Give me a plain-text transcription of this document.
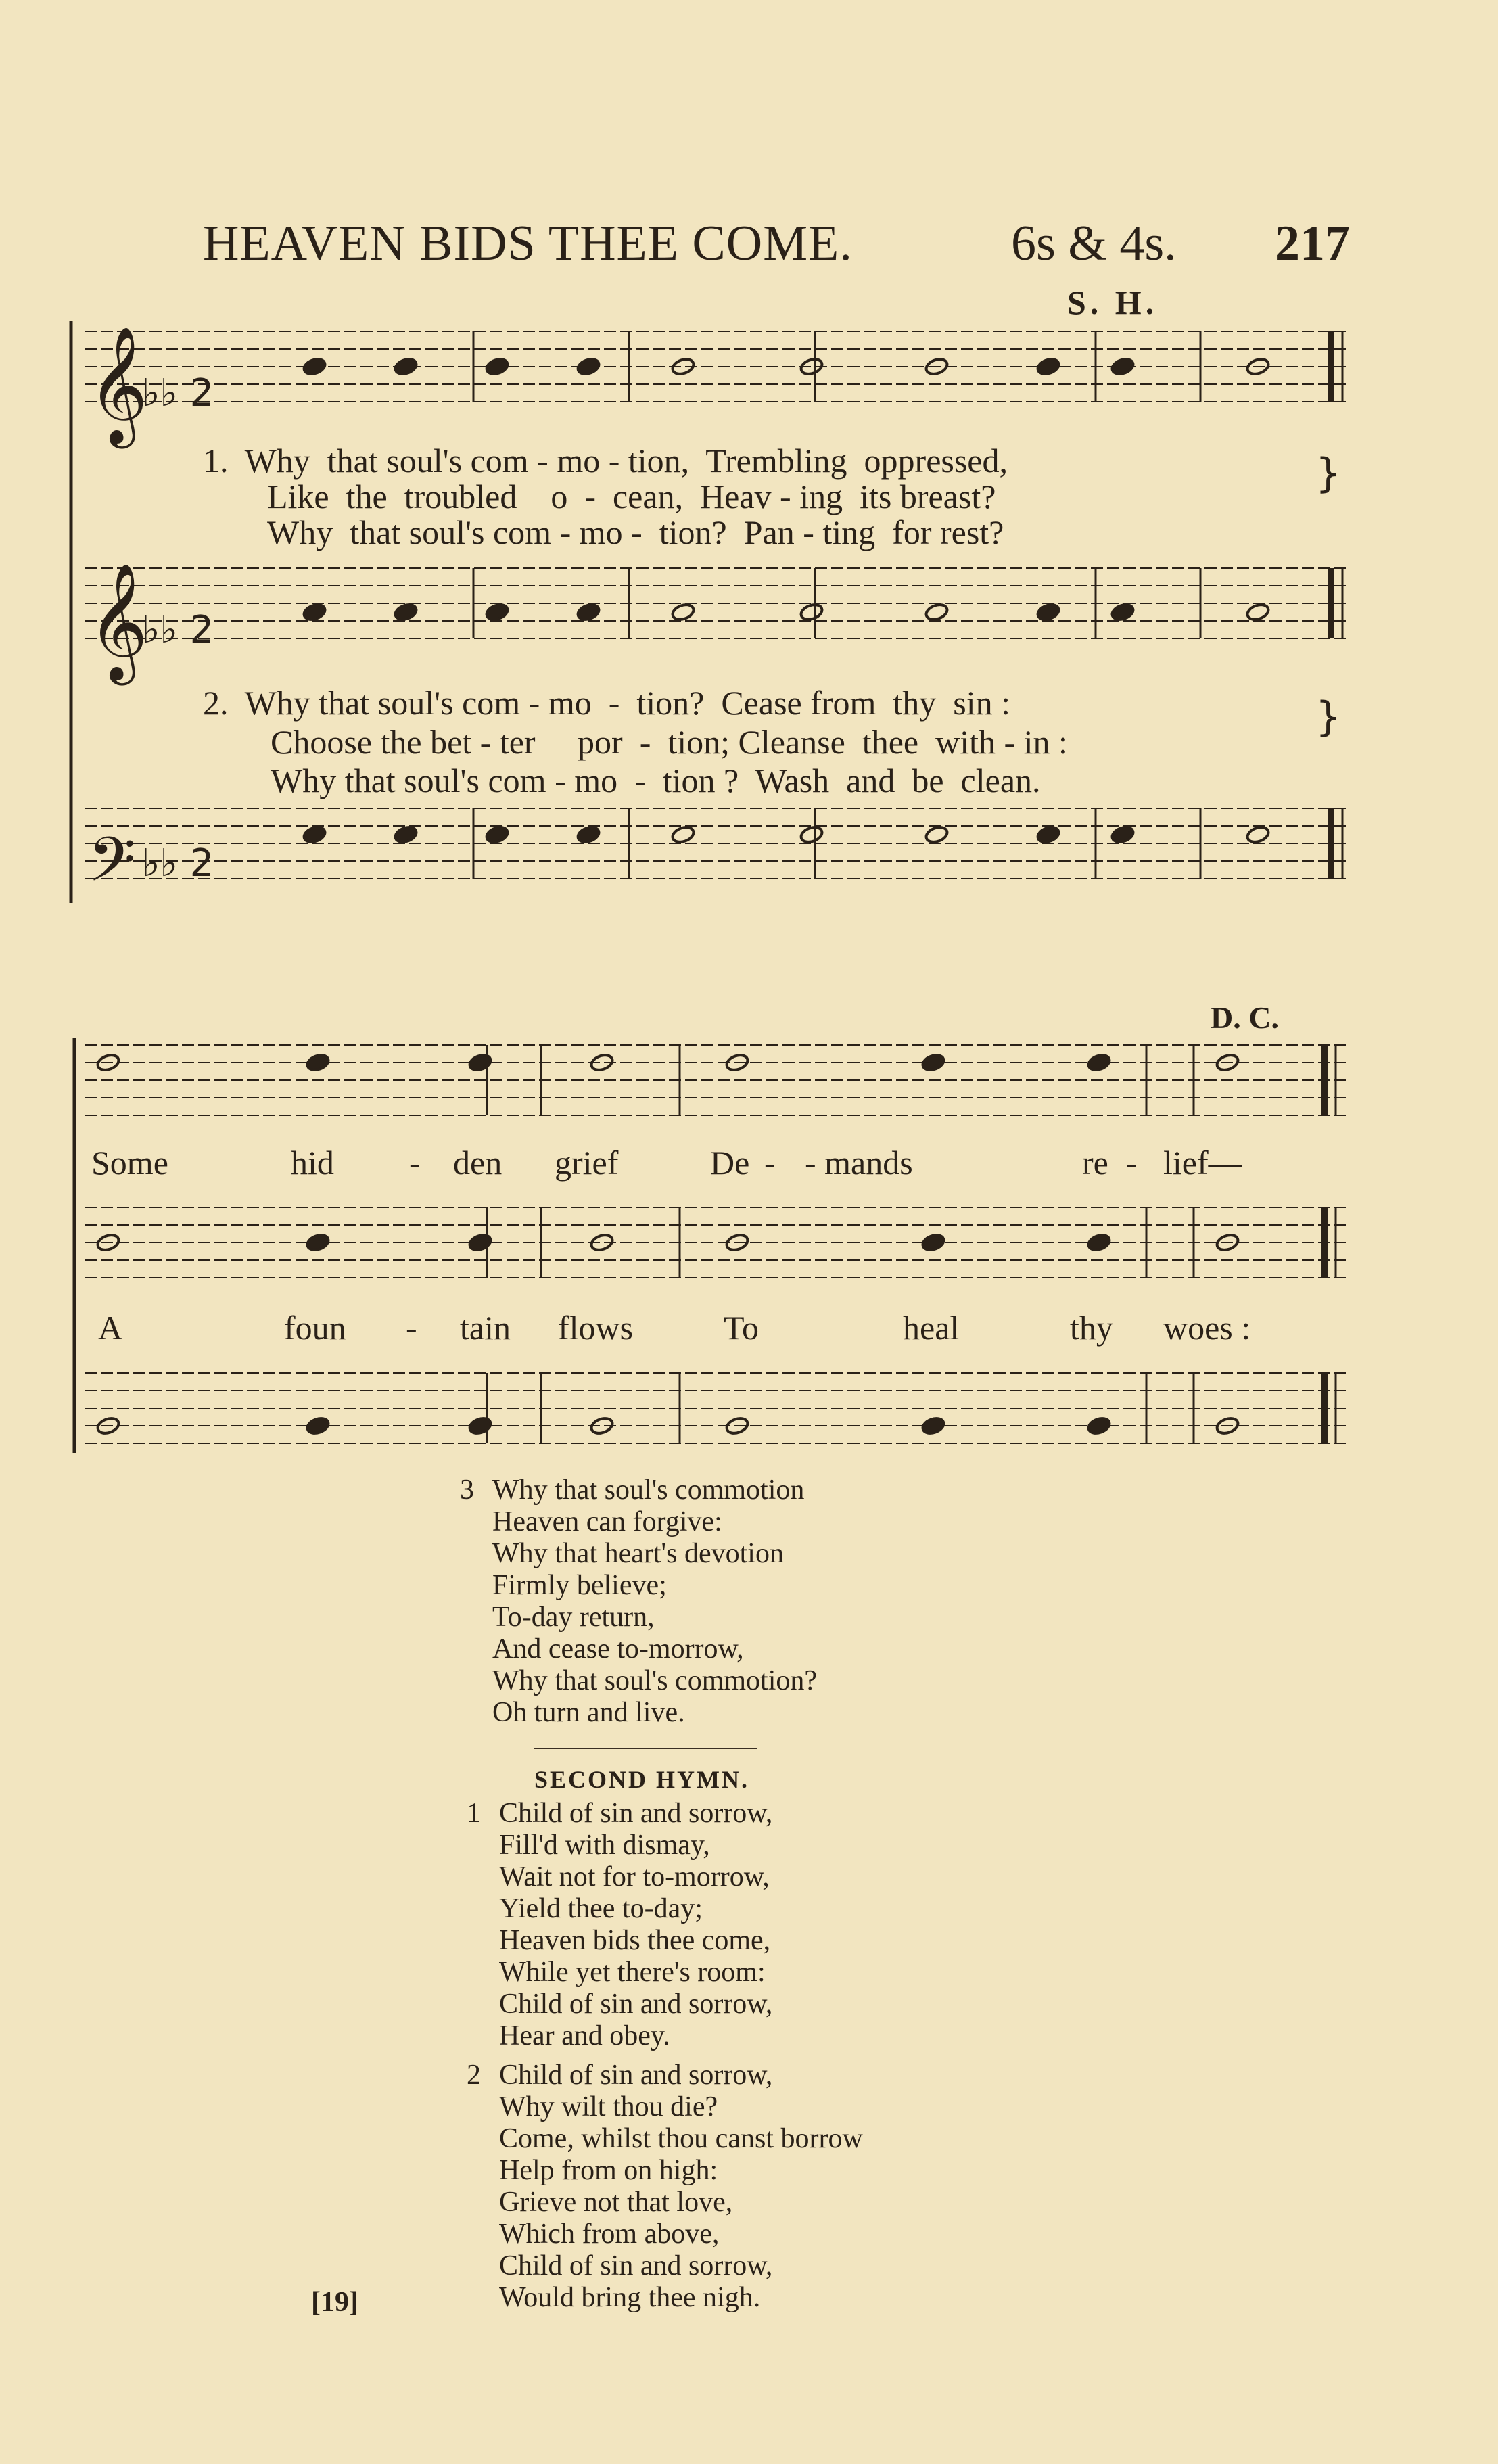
HEAVEN BIDS THEE COME.	6s & 4s. 217
S. H.
𝄞
𝄞
𝄢
♭♭ 2
♭♭ 2
♭♭ 2
1.  Why  that soul's com - mo - tion,  Trembling  oppressed,
Like  the  troubled    o  -  cean,  Heav - ing  its breast?
Why  that soul's com - mo -  tion?  Pan - ting  for rest?
}
2.  Why that soul's com - mo  -  tion?  Cease from  thy  sin :
Choose the bet - ter     por  -  tion; Cleanse  thee  with - in :
Why that soul's com - mo  -  tion ?  Wash  and  be  clean.
}
D. C.
Some	hid - den grief	De - - mands	re - lief—
A	foun - tain flows	To	heal	thy woes :
3 Why that soul's commotion
Heaven can forgive:
Why that heart's devotion
Firmly believe;
To-day return,
And cease to-morrow,
Why that soul's commotion?
Oh turn and live.
SECOND HYMN.
1 Child of sin and sorrow,
Fill'd with dismay,
Wait not for to-morrow,
Yield thee to-day;
Heaven bids thee come,
While yet there's room:
Child of sin and sorrow,
Hear and obey.
2 Child of sin and sorrow,
Why wilt thou die?
Come, whilst thou canst borrow
Help from on high:
Grieve not that love,
Which from above,
Child of sin and sorrow,
Would bring thee nigh.
[19]
